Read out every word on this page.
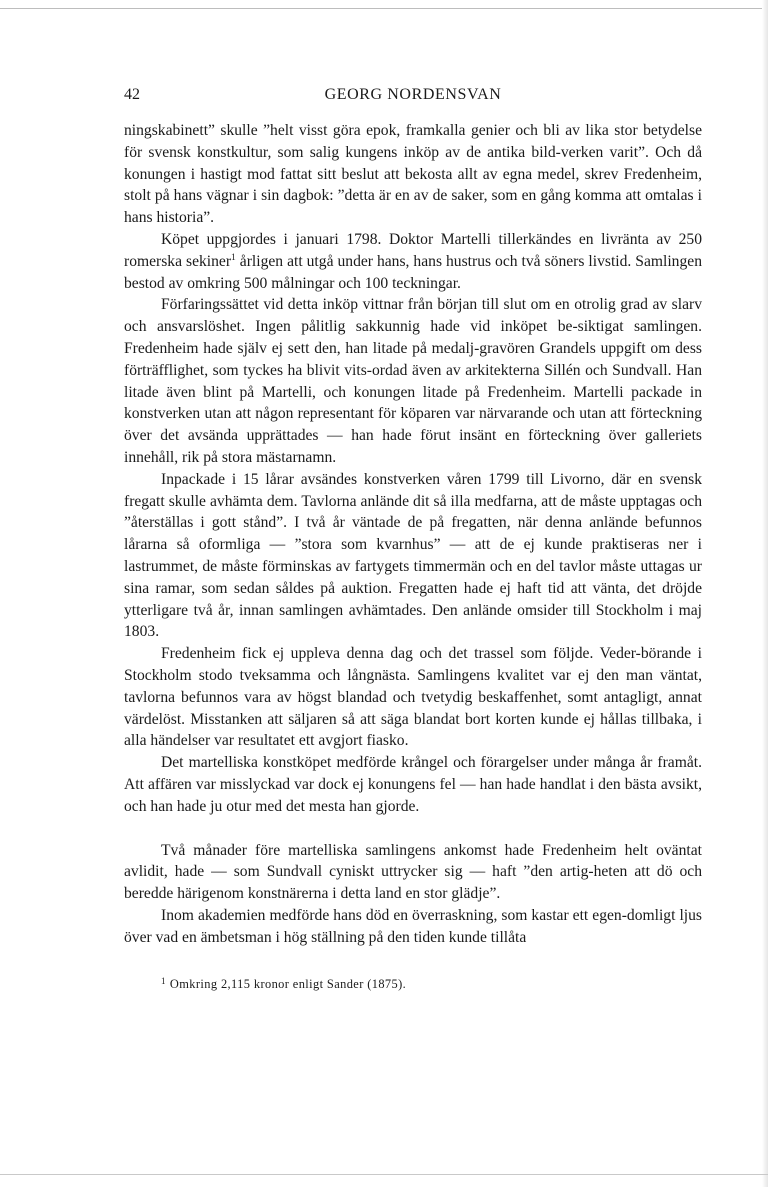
42	GEORG NORDENSVAN

ningskabinett” skulle ”helt visst göra epok, framkalla genier och bli av lika stor betydelse för svensk konstkultur, som salig kungens inköp av de antika bild-verken varit”. Och då konungen i hastigt mod fattat sitt beslut att bekosta allt av egna medel, skrev Fredenheim, stolt på hans vägnar i sin dagbok: ”detta är en av de saker, som en gång komma att omtalas i hans historia”.

Köpet uppgjordes i januari 1798. Doktor Martelli tillerkändes en livränta av 250 romerska sekiner$^1$ årligen att utgå under hans, hans hustrus och två söners livstid. Samlingen bestod av omkring 500 målningar och 100 teckningar.

Förfaringssättet vid detta inköp vittnar från början till slut om en otrolig grad av slarv och ansvarslöshet. Ingen pålitlig sakkunnig hade vid inköpet be-siktigat samlingen. Fredenheim hade själv ej sett den, han litade på medalj-gravören Grandels uppgift om dess förträfflighet, som tyckes ha blivit vits-ordad även av arkitekterna Sillén och Sundvall. Han litade även blint på Martelli, och konungen litade på Fredenheim. Martelli packade in konstverken utan att någon representant för köparen var närvarande och utan att förteckning över det avsända upprättades — han hade förut insänt en förteckning över galleriets innehåll, rik på stora mästarnamn.

Inpackade i 15 lårar avsändes konstverken våren 1799 till Livorno, där en svensk fregatt skulle avhämta dem. Tavlorna anlände dit så illa medfarna, att de måste upptagas och ”återställas i gott stånd”. I två år väntade de på fregatten, när denna anlände befunnos lårarna så oformliga — ”stora som kvarnhus” — att de ej kunde praktiseras ner i lastrummet, de måste förminskas av fartygets timmermän och en del tavlor måste uttagas ur sina ramar, som sedan såldes på auktion. Fregatten hade ej haft tid att vänta, det dröjde ytterligare två år, innan samlingen avhämtades. Den anlände omsider till Stockholm i maj 1803.

Fredenheim fick ej uppleva denna dag och det trassel som följde. Veder-börande i Stockholm stodo tveksamma och långnästa. Samlingens kvalitet var ej den man väntat, tavlorna befunnos vara av högst blandad och tvetydig beskaffenhet, somt antagligt, annat värdelöst. Misstanken att säljaren så att säga blandat bort korten kunde ej hållas tillbaka, i alla händelser var resultatet ett avgjort fiasko.

Det martelliska konstköpet medförde krångel och förargelser under många år framåt. Att affären var misslyckad var dock ej konungens fel — han hade handlat i den bästa avsikt, och han hade ju otur med det mesta han gjorde.

Två månader före martelliska samlingens ankomst hade Fredenheim helt oväntat avlidit, hade — som Sundvall cyniskt uttrycker sig — haft ”den artig-heten att dö och beredde härigenom konstnärerna i detta land en stor glädje”.

Inom akademien medförde hans död en överraskning, som kastar ett egen-domligt ljus över vad en ämbetsman i hög ställning på den tiden kunde tillåta

$^1$ Omkring 2,115 kronor enligt Sander (1875).
